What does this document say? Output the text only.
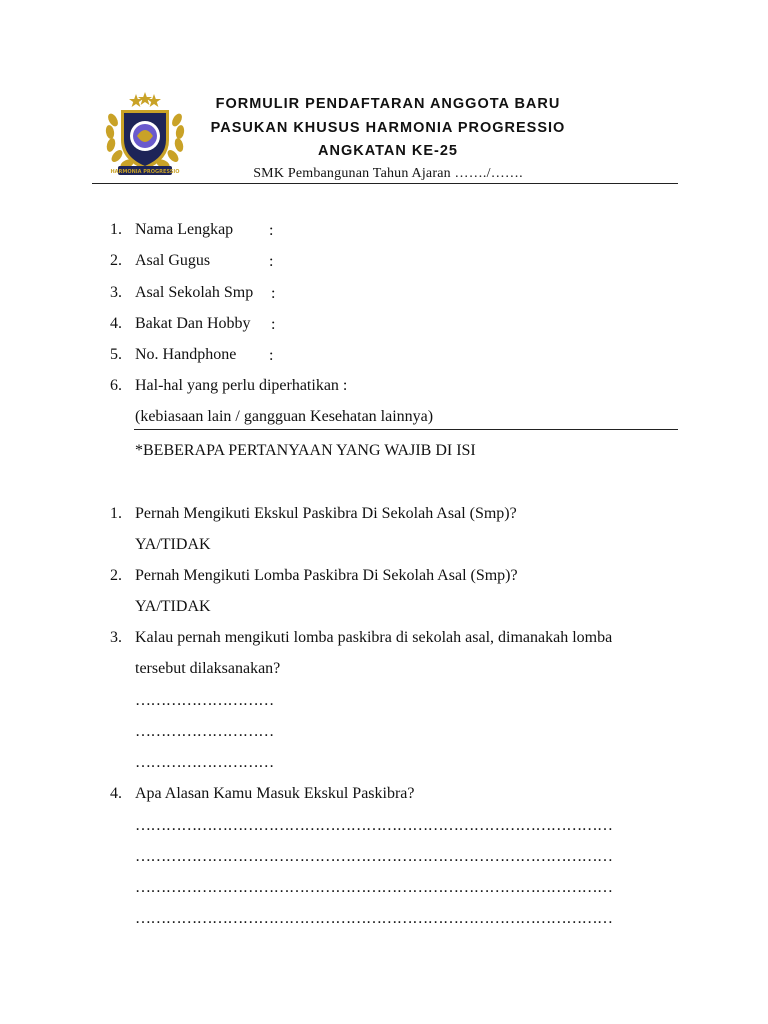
HARMONIA PROGRESSIO
FORMULIR PENDAFTARAN ANGGOTA BARU
PASUKAN KHUSUS HARMONIA PROGRESSIO
ANGKATAN KE-25
SMK Pembangunan Tahun Ajaran ……./…….
1. Nama Lengkap :
2. Asal Gugus	:
3. Asal Sekolah Smp :
4. Bakat Dan Hobby :
5. No. Handphone :
6. Hal-hal yang perlu diperhatikan :
(kebiasaan lain / gangguan Kesehatan lainnya)
*BEBERAPA PERTANYAAN YANG WAJIB DI ISI
1. Pernah Mengikuti Ekskul Paskibra Di Sekolah Asal (Smp)?
YA/TIDAK
2. Pernah Mengikuti Lomba Paskibra Di Sekolah Asal (Smp)?
YA/TIDAK
3. Kalau pernah mengikuti lomba paskibra di sekolah asal, dimanakah lomba
tersebut dilaksanakan?
………………………
………………………
………………………
4. Apa Alasan Kamu Masuk Ekskul Paskibra?
…………………………………………………………………………………
…………………………………………………………………………………
…………………………………………………………………………………
…………………………………………………………………………………
